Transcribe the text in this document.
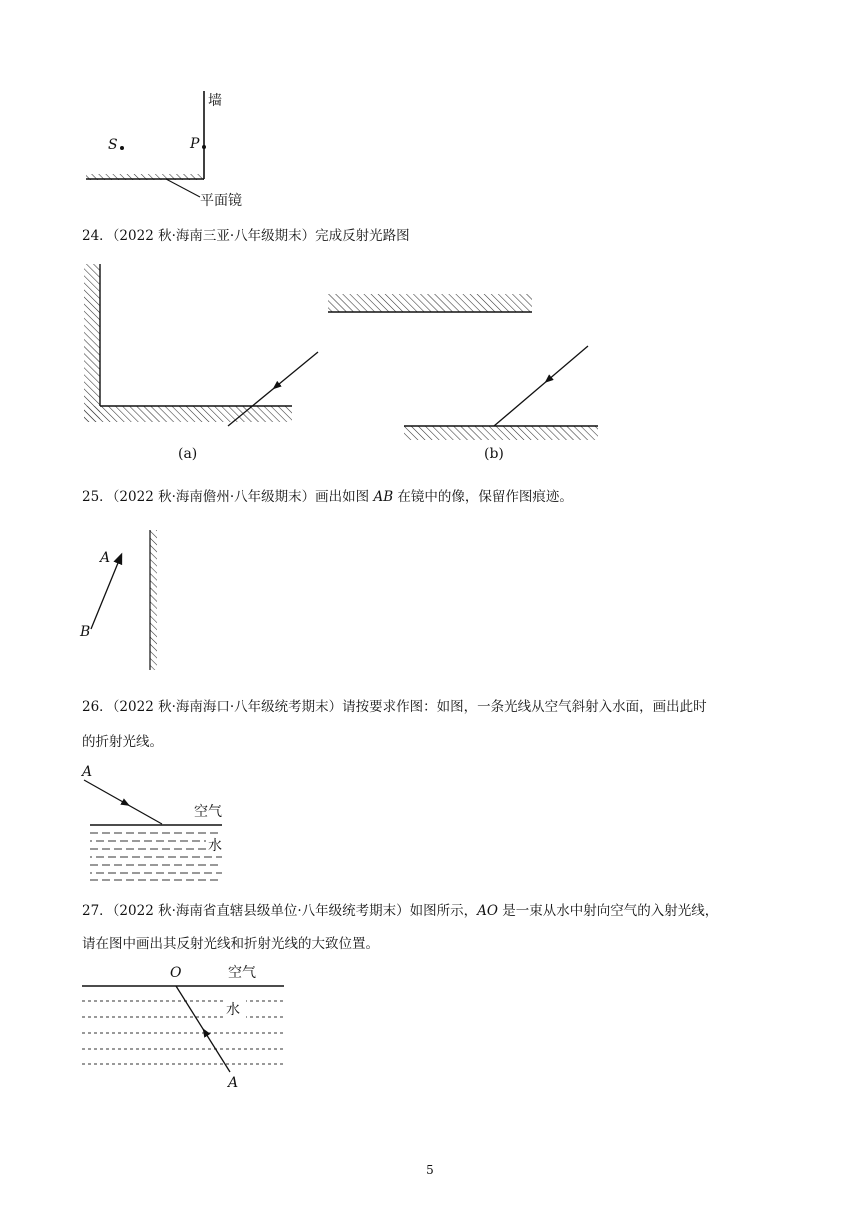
墙
S	P
平面镜
24．（2022 秋·海南三亚·八年级期末）完成反射光路图
(a)	(b)
25．（2022 秋·海南儋州·八年级期末）画出如图 AB 在镜中的像，保留作图痕迹。
A
B
26．（2022 秋·海南海口·八年级统考期末）请按要求作图：如图，一条光线从空气斜射入水面，画出此时
的折射光线。
A
空气
水
27．（2022 秋·海南省直辖县级单位·八年级统考期末）如图所示，AO 是一束从水中射向空气的入射光线，
请在图中画出其反射光线和折射光线的大致位置。
O	空气
水
A
5
